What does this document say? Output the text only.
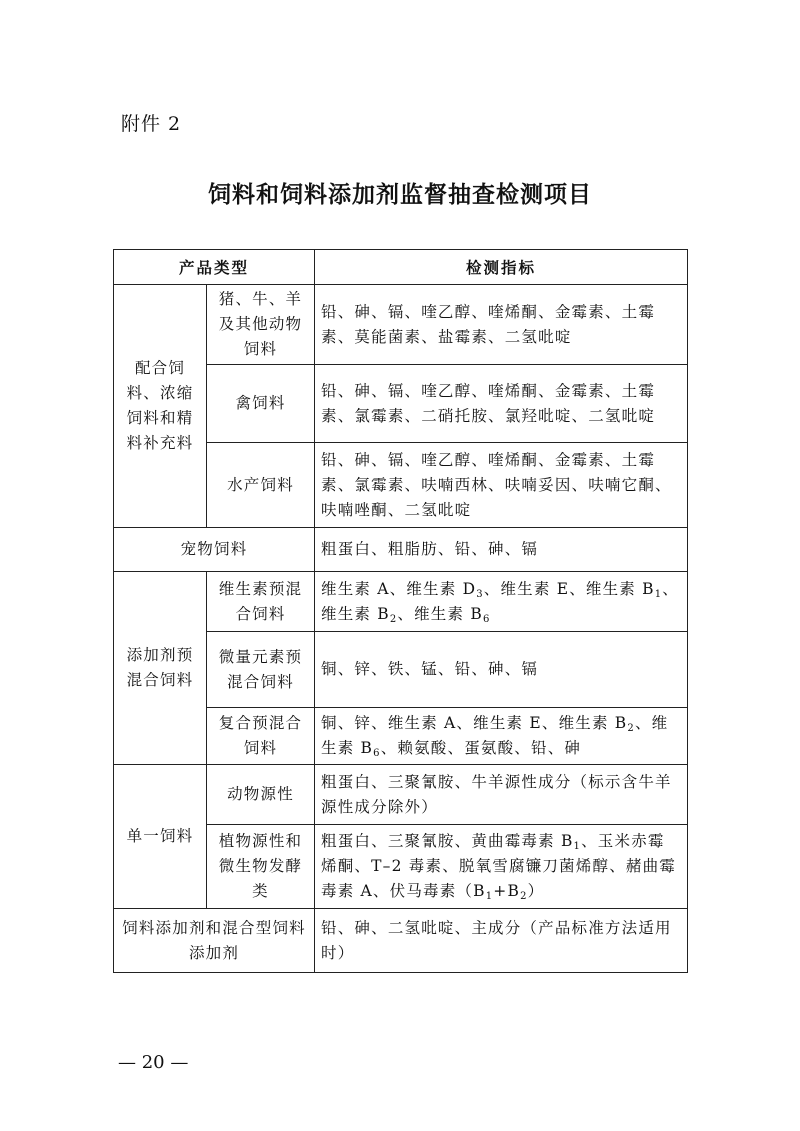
附件 2
饲料和饲料添加剂监督抽查检测项目
产品类型		检测指标
配合饲料、浓缩饲料和精料补充料	猪、牛、羊及其他动物饲料	铅、砷、镉、喹乙醇、喹烯酮、金霉素、土霉素、莫能菌素、盐霉素、二氢吡啶
	禽饲料	铅、砷、镉、喹乙醇、喹烯酮、金霉素、土霉素、氯霉素、二硝托胺、氯羟吡啶、二氢吡啶
	水产饲料	铅、砷、镉、喹乙醇、喹烯酮、金霉素、土霉素、氯霉素、呋喃西林、呋喃妥因、呋喃它酮、呋喃唑酮、二氢吡啶
宠物饲料		粗蛋白、粗脂肪、铅、砷、镉
添加剂预混合饲料	维生素预混合饲料	维生素 A、维生素 $D_3$、维生素 E、维生素 $B_1$、维生素 $B_2$、维生素 $B_6$
	微量元素预混合饲料	铜、锌、铁、锰、铅、砷、镉
	复合预混合饲料	铜、锌、维生素 A、维生素 E、维生素 $B_2$、维生素 $B_6$、赖氨酸、蛋氨酸、铅、砷
单一饲料	动物源性	粗蛋白、三聚氰胺、牛羊源性成分（标示含牛羊源性成分除外）
	植物源性和微生物发酵类	粗蛋白、三聚氰胺、黄曲霉毒素 $B_1$、玉米赤霉烯酮、T–2 毒素、脱氧雪腐镰刀菌烯醇、赭曲霉毒素 A、伏马毒素$(B_1+B_2)$
饲料添加剂和混合型饲料添加剂		铅、砷、二氢吡啶、主成分（产品标准方法适用时）
— 20 —
